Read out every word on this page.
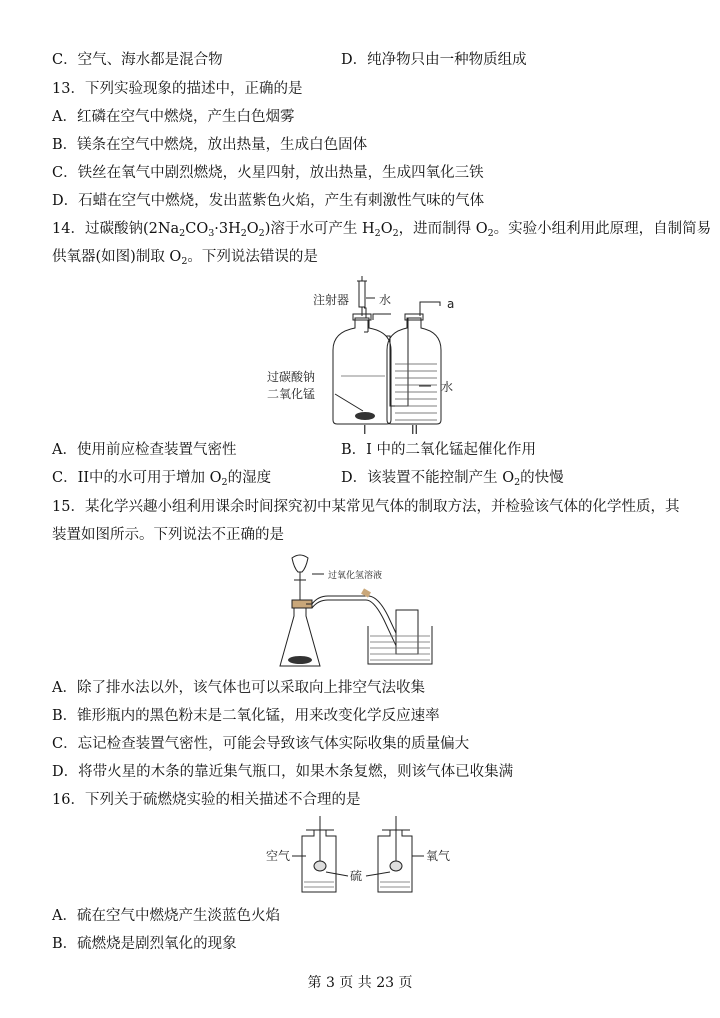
C．空气、海水都是混合物	D．纯净物只由一种物质组成
13．下列实验现象的描述中，正确的是
A．红磷在空气中燃烧，产生白色烟雾
B．镁条在空气中燃烧，放出热量，生成白色固体
C．铁丝在氧气中剧烈燃烧，火星四射，放出热量，生成四氧化三铁
D．石蜡在空气中燃烧，发出蓝紫色火焰，产生有刺激性气味的气体
14．过碳酸钠$(2Na_2CO_3\cdot 3H_2O_2)$溶于水可产生 $H_2O_2$，进而制得 $O_2$。实验小组利用此原理，自制简易
供氧器(如图)制取 $O_2$。下列说法错误的是
注射器 水	a
过碳酸钠
二氧化锰	水
I	II
A．使用前应检查装置气密性	B．I 中的二氧化锰起催化作用
C．II中的水可用于增加 $O_2$的湿度	D．该装置不能控制产生 $O_2$的快慢
15．某化学兴趣小组利用课余时间探究初中某常见气体的制取方法，并检验该气体的化学性质，其
装置如图所示。下列说法不正确的是
过氧化氢溶液
A．除了排水法以外，该气体也可以采取向上排空气法收集
B．锥形瓶内的黑色粉末是二氧化锰，用来改变化学反应速率
C．忘记检查装置气密性，可能会导致该气体实际收集的质量偏大
D．将带火星的木条的靠近集气瓶口，如果木条复燃，则该气体已收集满
16．下列关于硫燃烧实验的相关描述不合理的是
空气
硫
氧气
A．硫在空气中燃烧产生淡蓝色火焰
B．硫燃烧是剧烈氧化的现象
第 3 页 共 23 页
